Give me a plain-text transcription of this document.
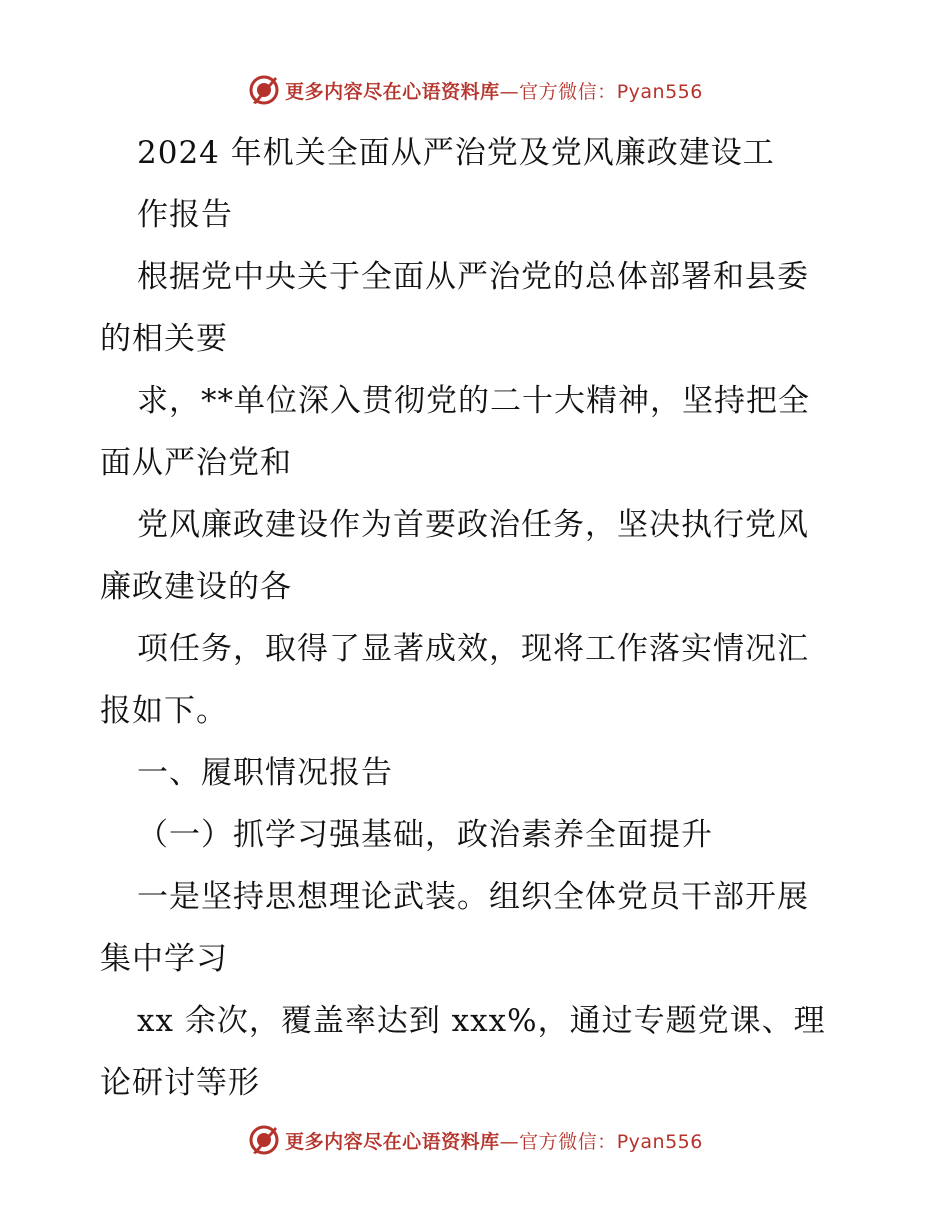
更多内容尽在心语资料库—官方微信：Pyan556
2024 年机关全面从严治党及党风廉政建设工
作报告
根据党中央关于全面从严治党的总体部署和县委
的相关要
求，**单位深入贯彻党的二十大精神，坚持把全
面从严治党和
党风廉政建设作为首要政治任务，坚决执行党风
廉政建设的各
项任务，取得了显著成效，现将工作落实情况汇
报如下。
一、履职情况报告
（一）抓学习强基础，政治素养全面提升
一是坚持思想理论武装。组织全体党员干部开展
集中学习
xx 余次，覆盖率达到 xxx%，通过专题党课、理
论研讨等形
更多内容尽在心语资料库—官方微信：Pyan556
